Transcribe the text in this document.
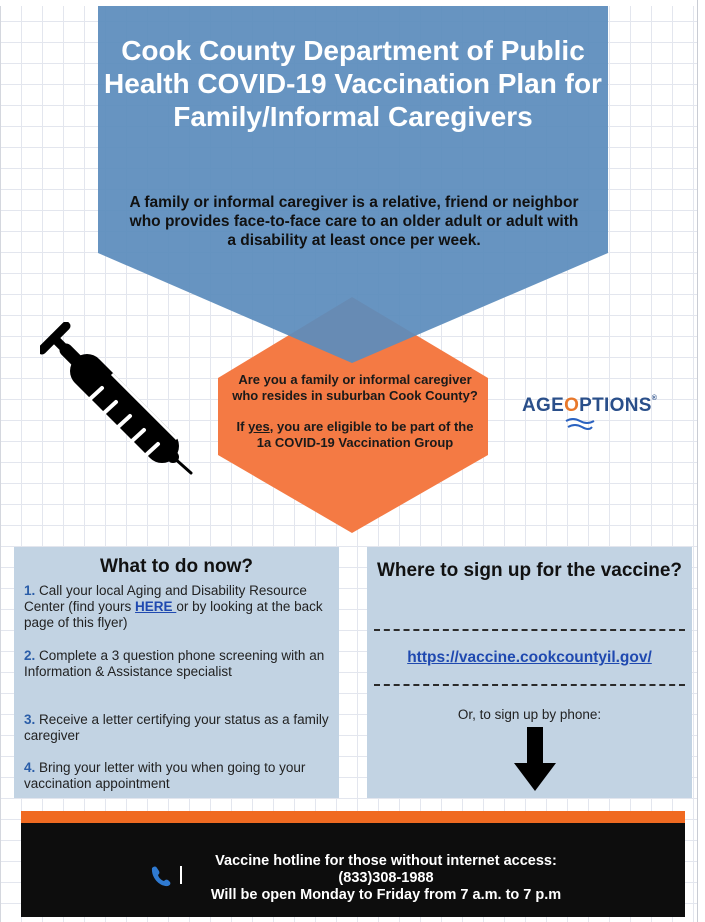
Cook County Department of Public Health COVID-19 Vaccination Plan for Family/Informal Caregivers

A family or informal caregiver is a relative, friend or neighbor who provides face-to-face care to an older adult or adult with a disability at least once per week.

Are you a family or informal caregiver who resides in suburban Cook County?

If yes, you are eligible to be part of the 1a COVID-19 Vaccination Group

AGEOPTIONS®
What to do now?

1. Call your local Aging and Disability Resource Center (find yours HERE or by looking at the back page of this flyer)

2. Complete a 3 question phone screening with an Information & Assistance specialist

3. Receive a letter certifying your status as a family caregiver

4. Bring your letter with you when going to your vaccination appointment

Where to sign up for the vaccine?
https://vaccine.cookcountyil.gov/
Or, to sign up by phone:
Vaccine hotline for those without internet access:
(833)308-1988
Will be open Monday to Friday from 7 a.m. to 7 p.m
